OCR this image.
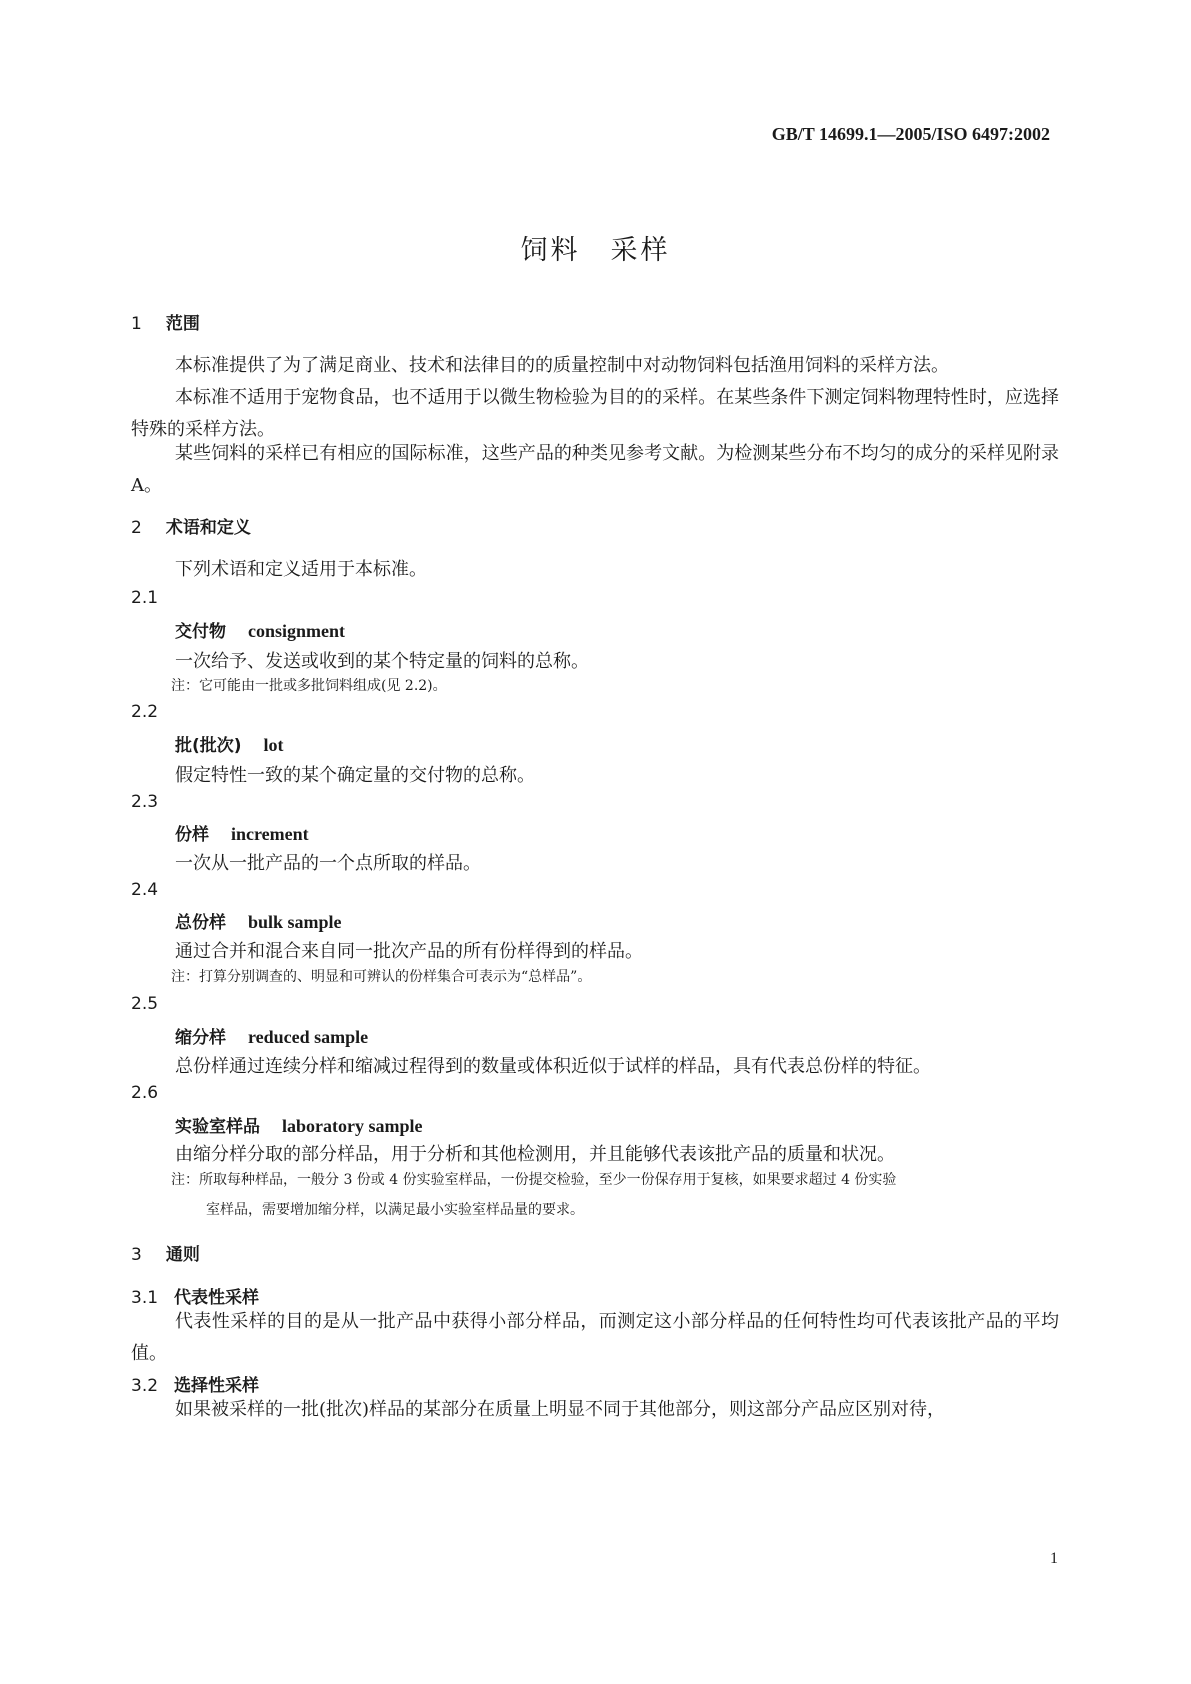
GB/T 14699.1—2005/ISO 6497:2002
饲料　采样
1 范围
本标准提供了为了满足商业、技术和法律目的的质量控制中对动物饲料包括渔用饲料的采样方法。
本标准不适用于宠物食品，也不适用于以微生物检验为目的的采样。在某些条件下测定饲料物理特性时，应选择特殊的采样方法。
某些饲料的采样已有相应的国际标准，这些产品的种类见参考文献。为检测某些分布不均匀的成分的采样见附录 A。
2 术语和定义
下列术语和定义适用于本标准。
2.1
交付物 consignment
一次给予、发送或收到的某个特定量的饲料的总称。
注：它可能由一批或多批饲料组成(见 2.2)。
2.2
批(批次) lot
假定特性一致的某个确定量的交付物的总称。
2.3
份样 increment
一次从一批产品的一个点所取的样品。
2.4
总份样 bulk sample
通过合并和混合来自同一批次产品的所有份样得到的样品。
注：打算分别调查的、明显和可辨认的份样集合可表示为“总样品”。
2.5
缩分样 reduced sample
总份样通过连续分样和缩减过程得到的数量或体积近似于试样的样品，具有代表总份样的特征。
2.6
实验室样品 laboratory sample
由缩分样分取的部分样品，用于分析和其他检测用，并且能够代表该批产品的质量和状况。
注：所取每种样品，一般分 3 份或 4 份实验室样品，一份提交检验，至少一份保存用于复核，如果要求超过 4 份实验
室样品，需要增加缩分样，以满足最小实验室样品量的要求。
3 通则
3.1 代表性采样
代表性采样的目的是从一批产品中获得小部分样品，而测定这小部分样品的任何特性均可代表该批产品的平均值。
3.2 选择性采样
如果被采样的一批(批次)样品的某部分在质量上明显不同于其他部分，则这部分产品应区别对待，
1
